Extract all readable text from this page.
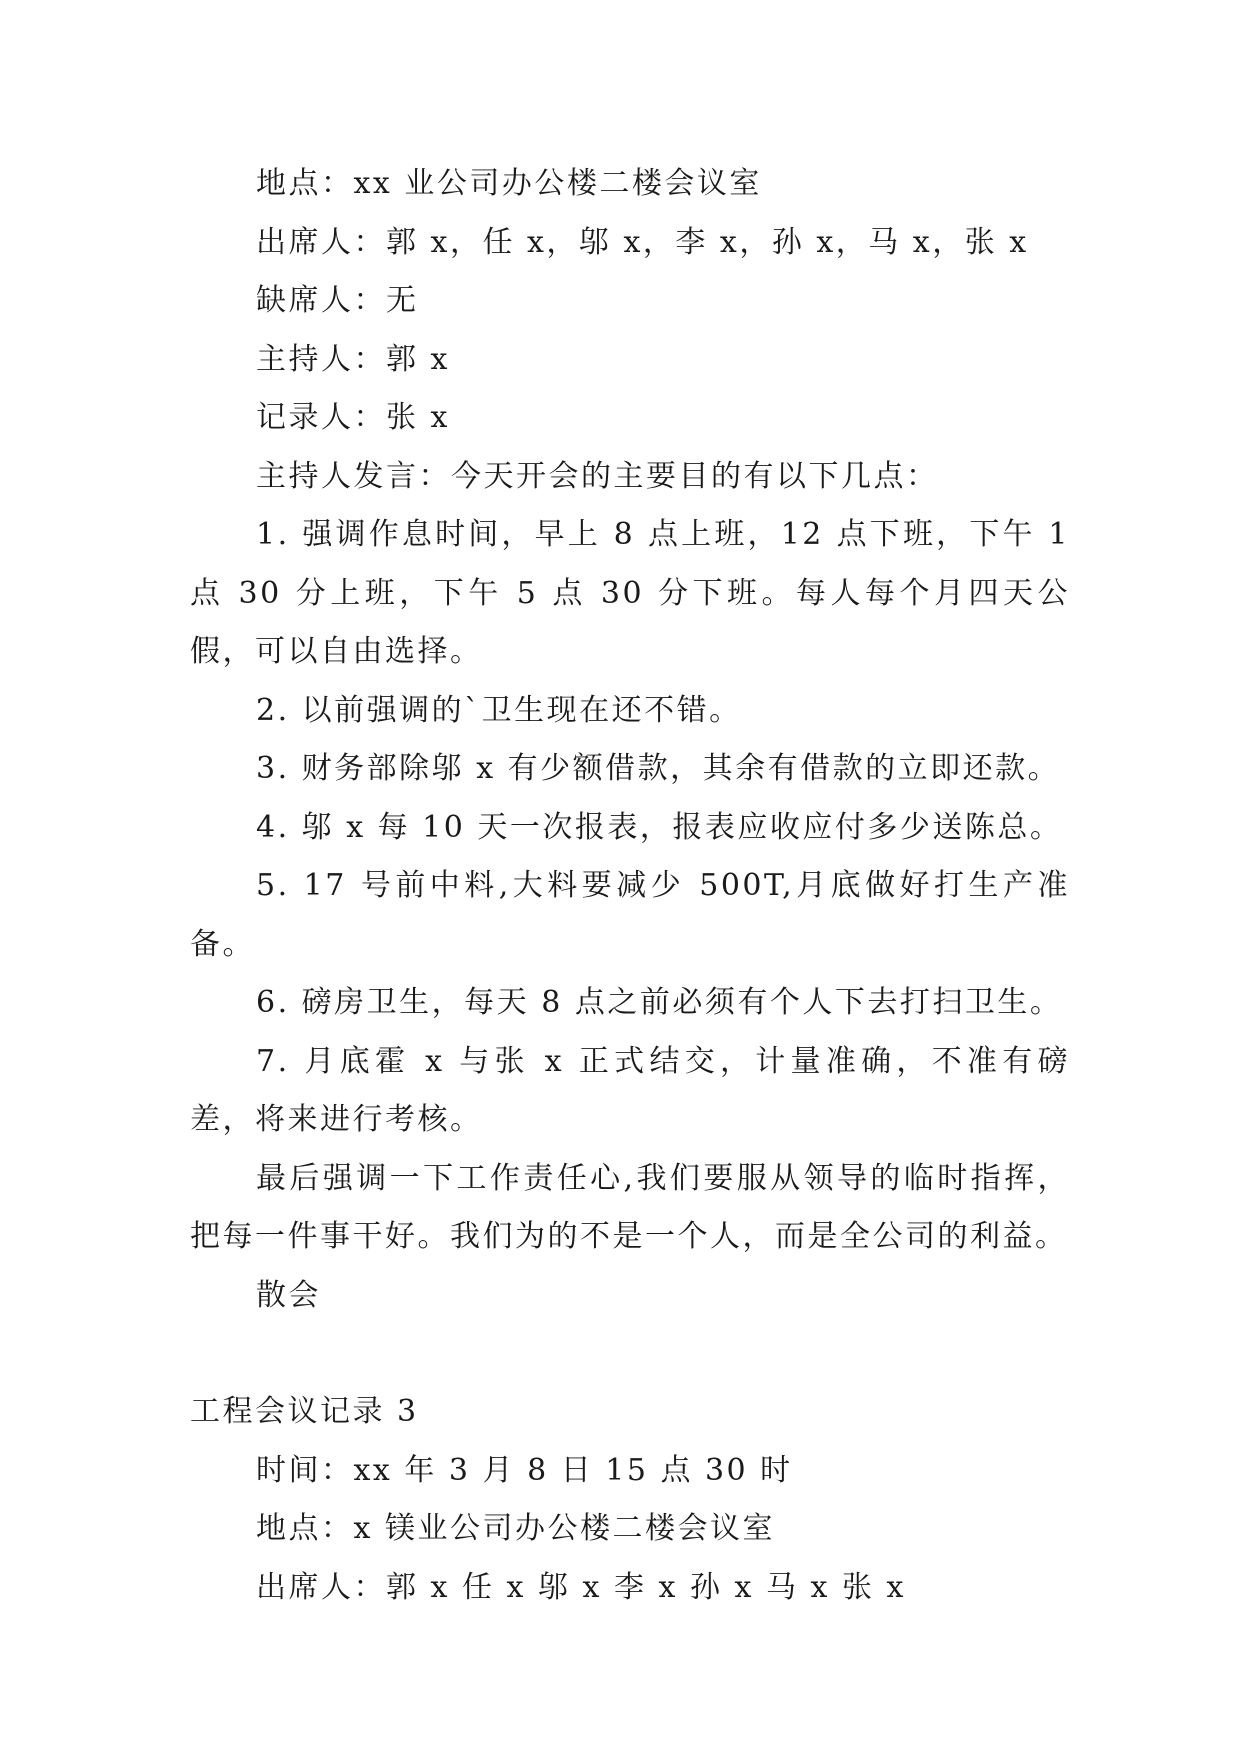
地点：xx 业公司办公楼二楼会议室

出席人：郭 x，任 x，邬 x，李 x，孙 x，马 x，张 x

缺席人：无

主持人：郭 x

记录人：张 x

主持人发言：今天开会的主要目的有以下几点：

1. 强调作息时间，早上 8 点上班，12 点下班，下午 1 点 30 分上班，下午 5 点 30 分下班。每人每个月四天公假，可以自由选择。

2. 以前强调的`卫生现在还不错。

3. 财务部除邬 x 有少额借款，其余有借款的立即还款。

4. 邬 x 每 10 天一次报表，报表应收应付多少送陈总。

5. 17 号前中料,大料要减少 500T,月底做好打生产准备。

6. 磅房卫生，每天 8 点之前必须有个人下去打扫卫生。

7. 月底霍 x 与张 x 正式结交，计量准确，不准有磅差，将来进行考核。

最后强调一下工作责任心,我们要服从领导的临时指挥，把每一件事干好。我们为的不是一个人，而是全公司的利益。

散会

工程会议记录 3

时间：xx 年 3 月 8 日 15 点 30 时

地点：x 镁业公司办公楼二楼会议室

出席人：郭 x 任 x 邬 x 李 x 孙 x 马 x 张 x
